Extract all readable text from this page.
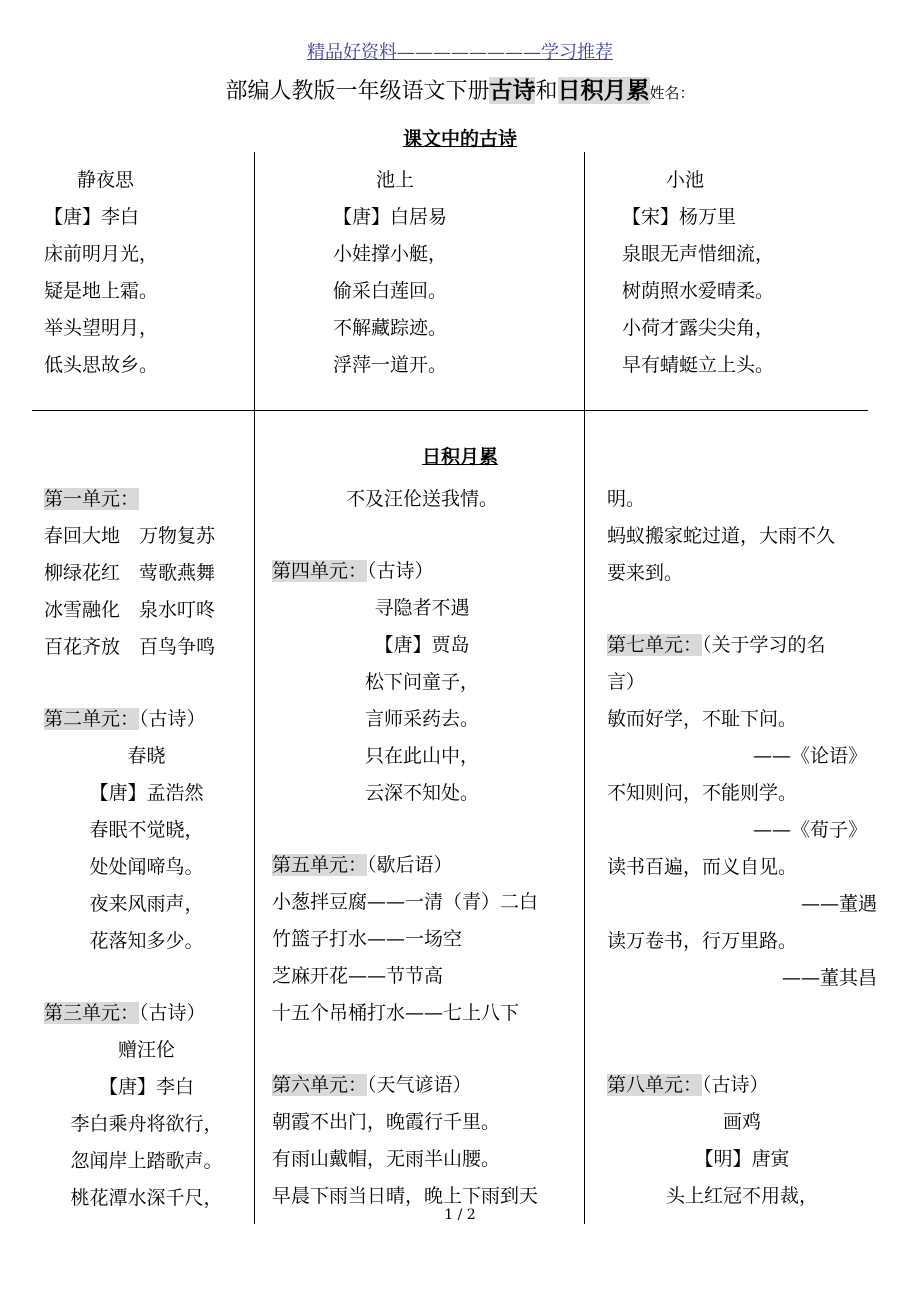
精品好资料————————学习推荐
部编人教版一年级语文下册古诗和日积月累姓名：
课文中的古诗
静夜思
【唐】李白
床前明月光，
疑是地上霜。
举头望明月，
低头思故乡。
池上
【唐】白居易
小娃撑小艇，
偷采白莲回。
不解藏踪迹。
浮萍一道开。
小池
【宋】杨万里
泉眼无声惜细流，
树荫照水爱晴柔。
小荷才露尖尖角，
早有蜻蜓立上头。
日积月累
第一单元：
春回大地　万物复苏
柳绿花红　莺歌燕舞
冰雪融化　泉水叮咚
百花齐放　百鸟争鸣
第二单元：（古诗）
春晓
【唐】孟浩然
春眠不觉晓，
处处闻啼鸟。
夜来风雨声，
花落知多少。
第三单元：（古诗）
赠汪伦
【唐】李白
李白乘舟将欲行，
忽闻岸上踏歌声。
桃花潭水深千尺，
不及汪伦送我情。
第四单元：（古诗）
寻隐者不遇
【唐】贾岛
松下问童子，
言师采药去。
只在此山中，
云深不知处。
第五单元：（歇后语）
小葱拌豆腐——一清（青）二白
竹篮子打水——一场空
芝麻开花——节节高
十五个吊桶打水——七上八下
第六单元：（天气谚语）
朝霞不出门，晚霞行千里。
有雨山戴帽，无雨半山腰。
早晨下雨当日晴，晚上下雨到天
明。
蚂蚁搬家蛇过道，大雨不久
要来到。
第七单元：（关于学习的名
言）
敏而好学，不耻下问。
——《论语》
不知则问，不能则学。
——《荀子》
读书百遍，而义自见。
——董遇
读万卷书，行万里路。
——董其昌
第八单元：（古诗）
画鸡
【明】唐寅
头上红冠不用裁，
1 / 2
